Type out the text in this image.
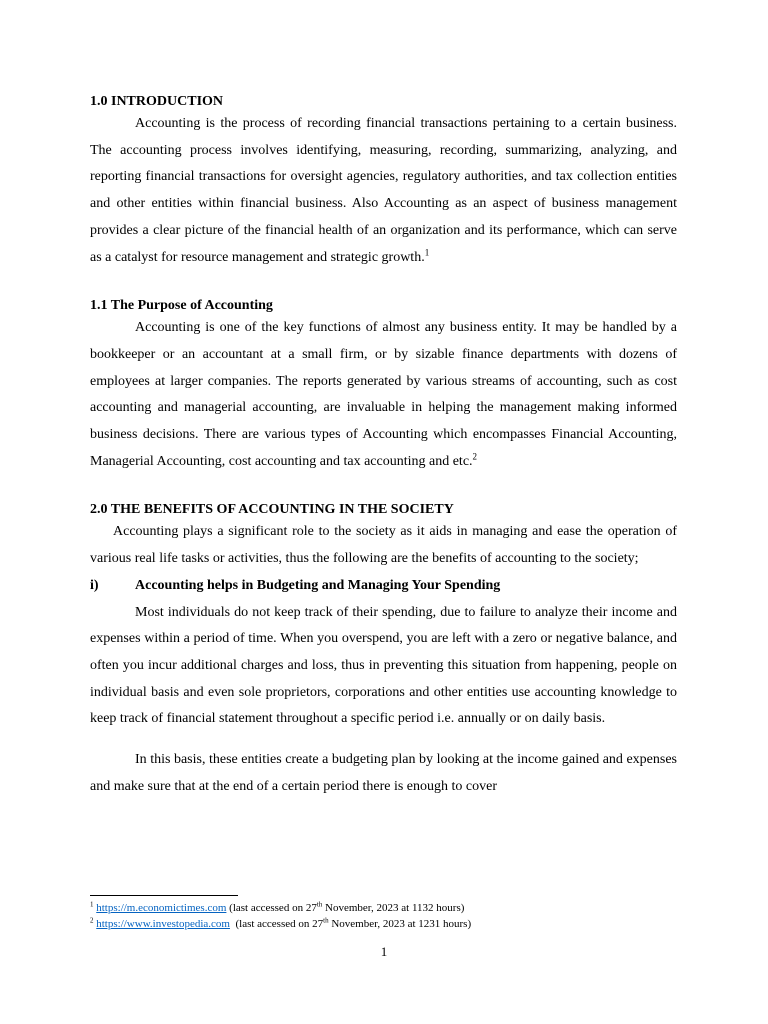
1.0 INTRODUCTION

Accounting is the process of recording financial transactions pertaining to a certain business. The accounting process involves identifying, measuring, recording, summarizing, analyzing, and reporting financial transactions for oversight agencies, regulatory authorities, and tax collection entities and other entities within financial business. Also Accounting as an aspect of business management provides a clear picture of the financial health of an organization and its performance, which can serve as a catalyst for resource management and strategic growth.$^1$

1.1 The Purpose of Accounting

Accounting is one of the key functions of almost any business entity. It may be handled by a bookkeeper or an accountant at a small firm, or by sizable finance departments with dozens of employees at larger companies. The reports generated by various streams of accounting, such as cost accounting and managerial accounting, are invaluable in helping the management making informed business decisions. There are various types of Accounting which encompasses Financial Accounting, Managerial Accounting, cost accounting and tax accounting and etc.$^2$

2.0 THE BENEFITS OF ACCOUNTING IN THE SOCIETY

Accounting plays a significant role to the society as it aids in managing and ease the operation of various real life tasks or activities, thus the following are the benefits of accounting to the society;

i)	Accounting helps in Budgeting and Managing Your Spending

Most individuals do not keep track of their spending, due to failure to analyze their income and expenses within a period of time. When you overspend, you are left with a zero or negative balance, and often you incur additional charges and loss, thus in preventing this situation from happening, people on individual basis and even sole proprietors, corporations and other entities use accounting knowledge to keep track of financial statement throughout a specific period i.e. annually or on daily basis.

In this basis, these entities create a budgeting plan by looking at the income gained and expenses and make sure that at the end of a certain period there is enough to cover

$^1$ https://m.economictimes.com (last accessed on 27th November, 2023 at 1132 hours)

$^2$ https://www.investopedia.com  (last accessed on 27th November, 2023 at 1231 hours)

1
